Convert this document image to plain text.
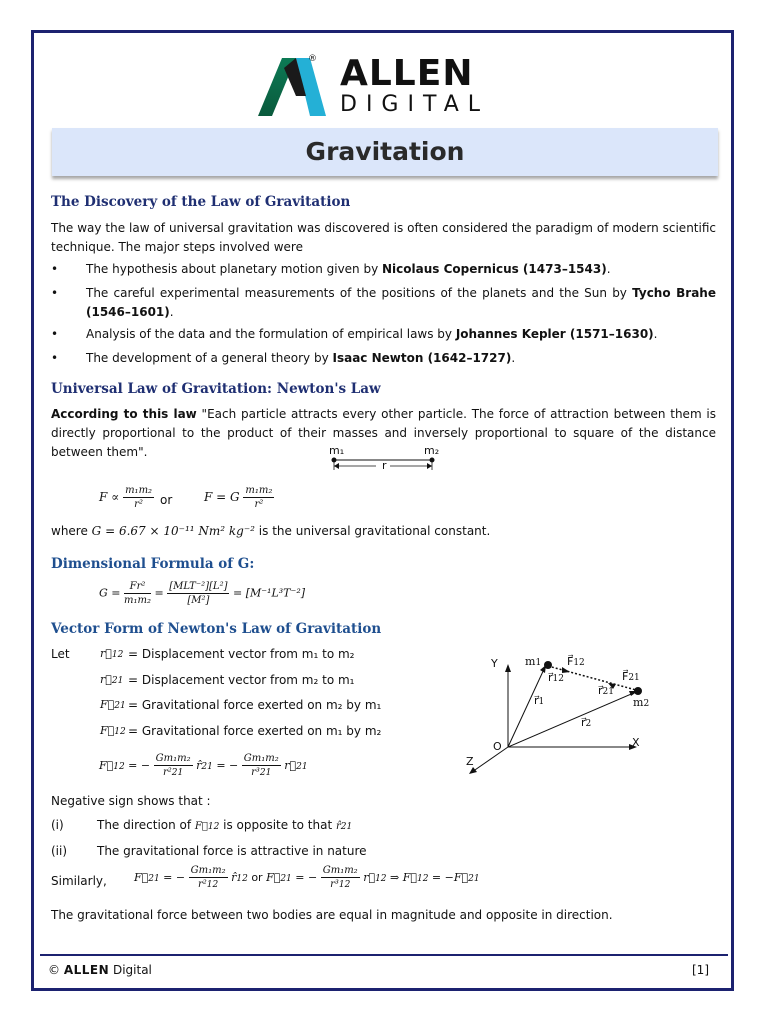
® ALLEN
DIGITAL
Gravitation
The Discovery of the Law of Gravitation
The way the law of universal gravitation was discovered is often considered the paradigm of modern scientific technique. The major steps involved were
• The hypothesis about planetary motion given by Nicolaus Copernicus (1473–1543).
• The careful experimental measurements of the positions of the planets and the Sun by Tycho Brahe (1546–1601).
• Analysis of the data and the formulation of empirical laws by Johannes Kepler (1571–1630).
• The development of a general theory by Isaac Newton (1642–1727).
Universal Law of Gravitation: Newton's Law
According to this law "Each particle attracts every other particle. The force of attraction between them is directly proportional to the product of their masses and inversely proportional to square of the distance between them".	m₁	m₂
r
$F \propto \frac{\text{m₁m₂}}{\text{r²}}$ or	F = G $\frac{\text{m₁m₂}}{\text{r²}}$
where G = 6.67 × 10⁻¹¹ Nm² kg⁻² is the universal gravitational constant.
Dimensional Formula of G:
$G = \frac{\text{Fr²}}{\text{m₁m₂}} = \frac{\text{[MLT⁻²][L²]}}{\text{[M²]}} = [M^{-1}L^3T^{-2}]$
Vector Form of Newton's Law of Gravitation
Let	r⃗12 = Displacement vector from m₁ to m₂
r⃗21 = Displacement vector from m₂ to m₁
F⃗21 = Gravitational force exerted on m₂ by m₁
F⃗12 = Gravitational force exerted on m₁ by m₂
F⃗12 = − $\frac{\text{Gm₁m₂}}{\text{r²21}}$ r̂21 = − $\frac{\text{Gm₁m₂}}{\text{r³21}}$ r⃗21
Negative sign shows that :
(i)	The direction of F⃗12 is opposite to that r̂21
(ii) The gravitational force is attractive in nature
Similarly, F⃗21 = − $\frac{\text{Gm₁m₂}}{\text{r²12}}$ r̂12 or F⃗21 = − $\frac{\text{Gm₁m₂}}{\text{r³12}}$ r⃗12 ⇒ F⃗12 = −F⃗21
The gravitational force between two bodies are equal in magnitude and opposite in direction.
Y
X
Z
O
m1
m2
r⃗1
r⃗2
r⃗12
r⃗21
F⃗12
F⃗21
© ALLEN Digital	[1]
